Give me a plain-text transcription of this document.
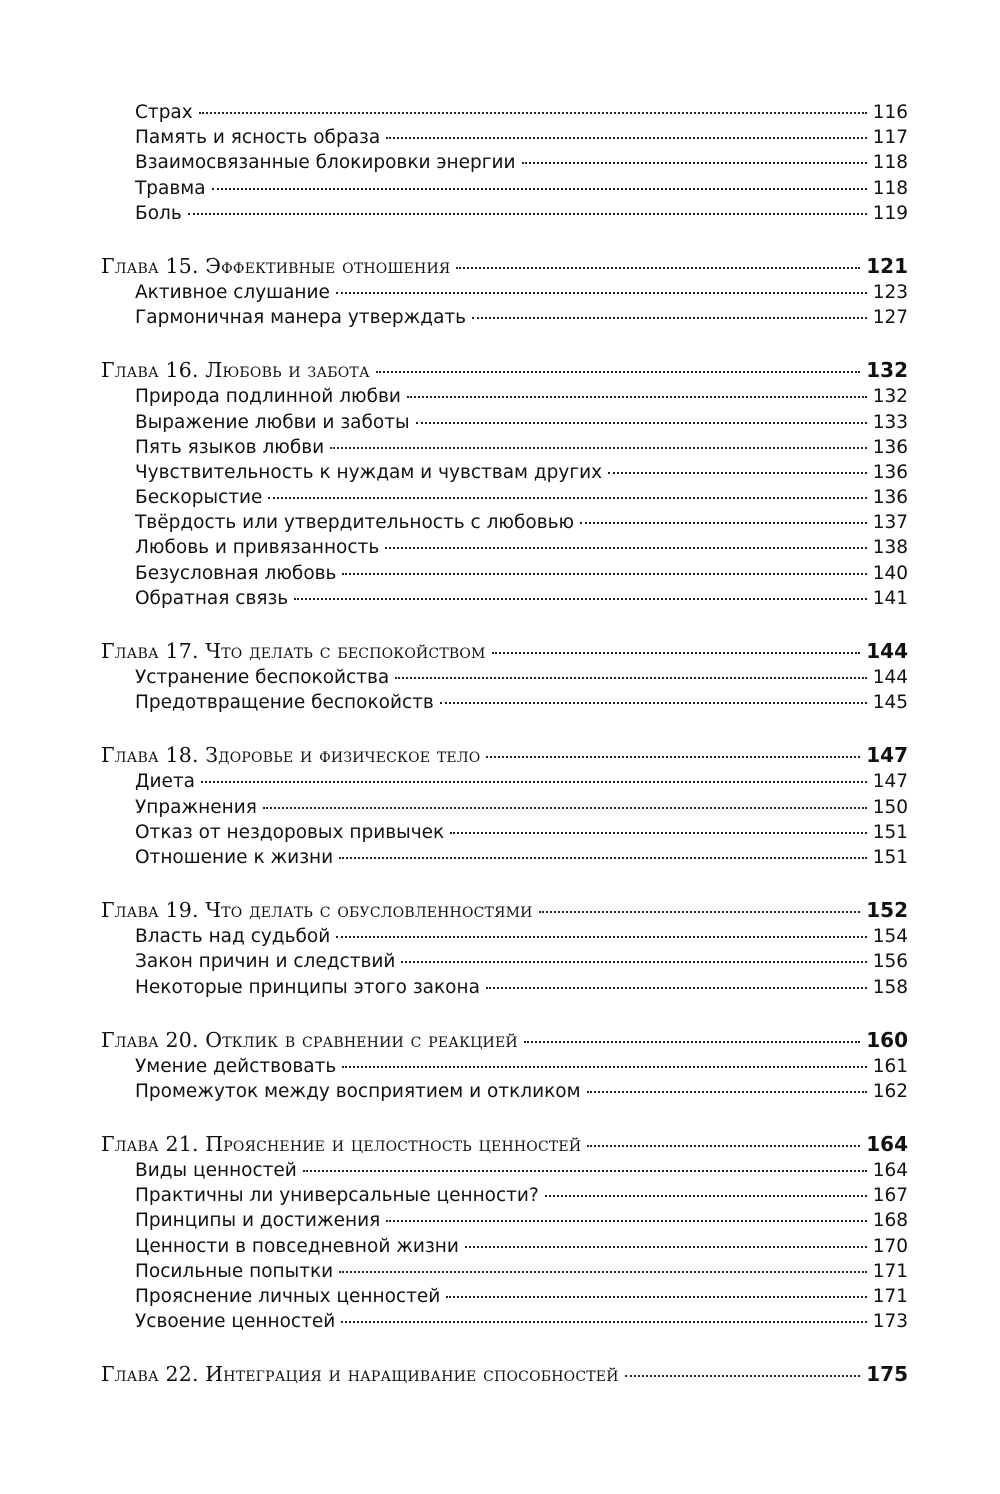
Страх	116
Память и ясность образа	117
Взаимосвязанные блокировки энергии	118
Травма	118
Боль	119
Глава 15. Эффективные отношения	121
Активное слушание	123
Гармоничная манера утверждать	127
Глава 16. Любовь и забота	132
Природа подлинной любви	132
Выражение любви и заботы	133
Пять языков любви	136
Чувствительность к нуждам и чувствам других	136
Бескорыстие	136
Твёрдость или утвердительность с любовью	137
Любовь и привязанность	138
Безусловная любовь	140
Обратная связь	141
Глава 17. Что делать с беспокойством	144
Устранение беспокойства	144
Предотвращение беспокойств	145
Глава 18. Здоровье и физическое тело	147
Диета	147
Упражнения	150
Отказ от нездоровых привычек	151
Отношение к жизни	151
Глава 19. Что делать с обусловленностями	152
Власть над судьбой	154
Закон причин и следствий	156
Некоторые принципы этого закона	158
Глава 20. Отклик в сравнении с реакцией	160
Умение действовать	161
Промежуток между восприятием и откликом	162
Глава 21. Прояснение и целостность ценностей	164
Виды ценностей	164
Практичны ли универсальные ценности?	167
Принципы и достижения	168
Ценности в повседневной жизни	170
Посильные попытки	171
Прояснение личных ценностей	171
Усвоение ценностей	173
Глава 22. Интеграция и наращивание способностей	175
